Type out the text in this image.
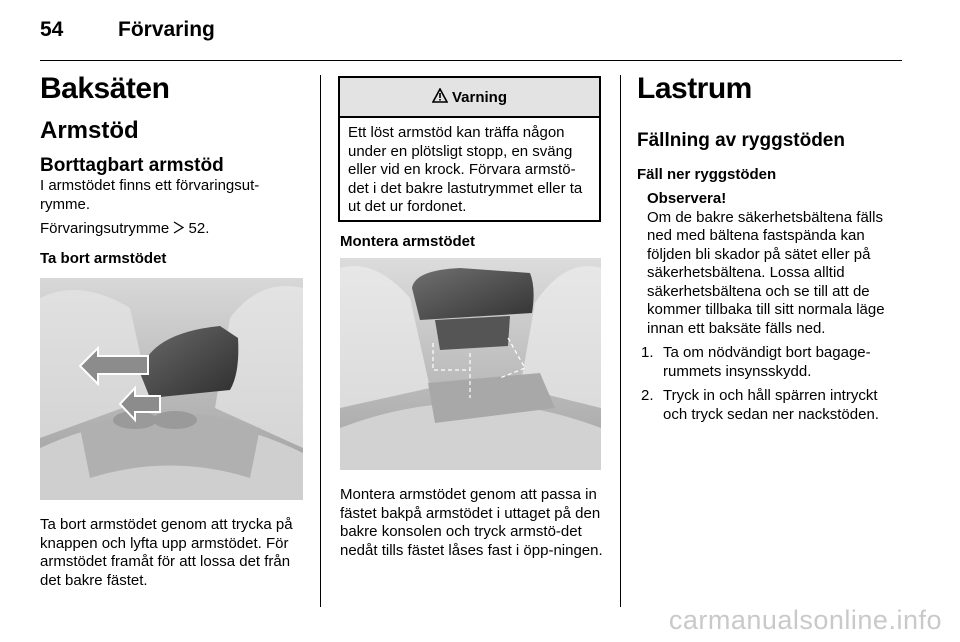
54	Förvaring
Baksäten
Armstöd
Borttagbart armstöd
I armstödet finns ett förvaringsut-rymme.
Förvaringsutrymme 52.
Ta bort armstödet
Ta bort armstödet genom att trycka på knappen och lyfta upp armstödet. För armstödet framåt för att lossa det från det bakre fästet.
Varning
Ett löst armstöd kan träffa någon under en plötsligt stopp, en sväng eller vid en krock. Förvara armstö-det i det bakre lastutrymmet eller ta ut det ur fordonet.
Montera armstödet
Montera armstödet genom att passa in fästet bakpå armstödet i uttaget på den bakre konsolen och tryck armstö-det nedåt tills fästet låses fast i öpp-ningen.
Lastrum
Fällning av ryggstöden
Fäll ner ryggstöden
Observera!
Om de bakre säkerhetsbältena fälls ned med bältena fastspända kan följden bli skador på sätet eller på säkerhetsbältena. Lossa alltid säkerhetsbältena och se till att de kommer tillbaka till sitt normala läge innan ett baksäte fälls ned.
1. Ta om nödvändigt bort bagage-rummets insynsskydd.
2. Tryck in och håll spärren intryckt och tryck sedan ner nackstöden.
carmanualsonline.info
